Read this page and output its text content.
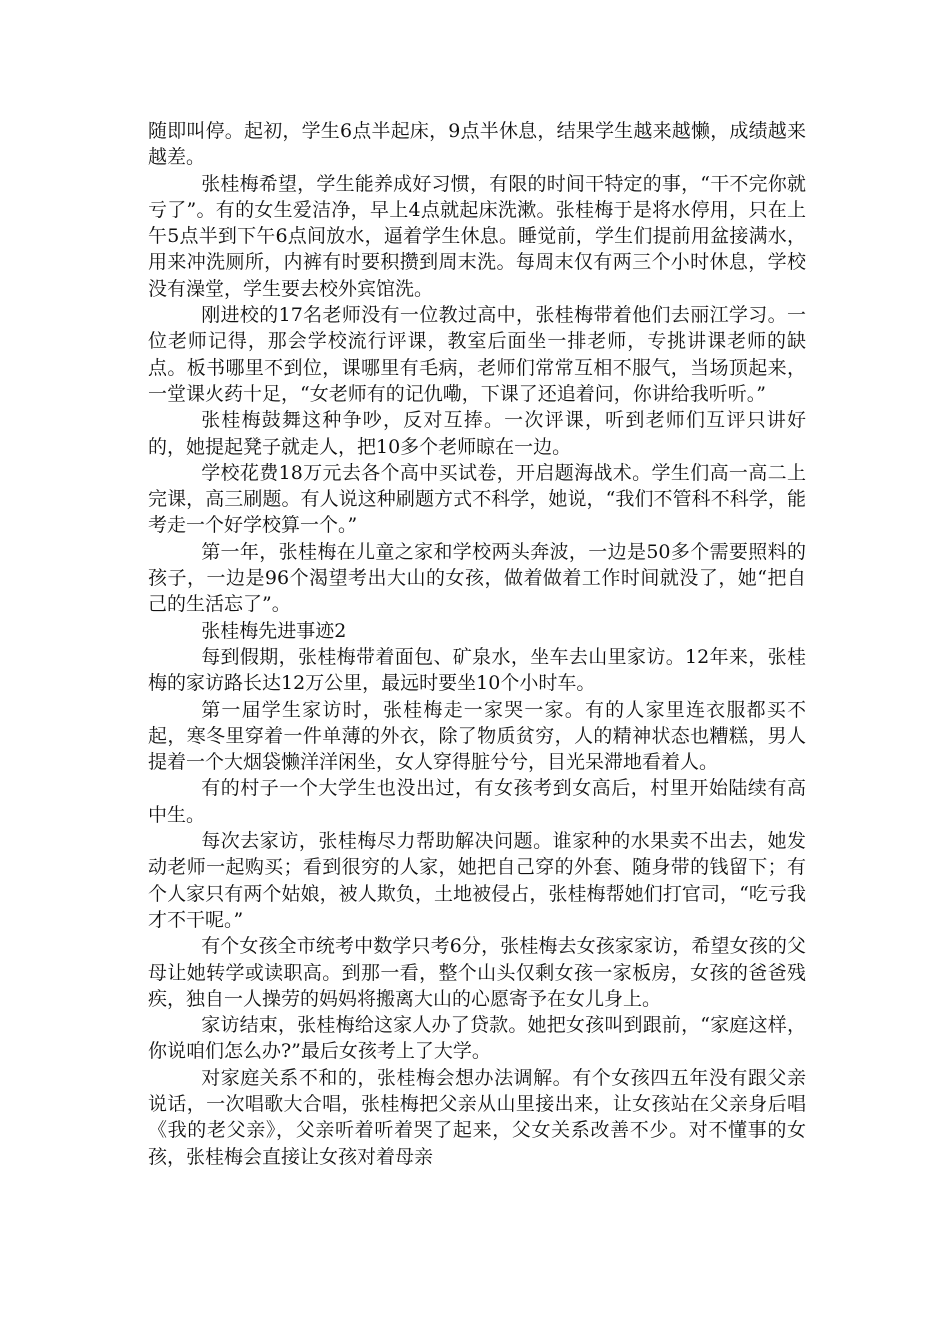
随即叫停。起初，学生6点半起床，9点半休息，结果学生越来越懒，成绩越来越差。

张桂梅希望，学生能养成好习惯，有限的时间干特定的事，“干不完你就亏了”。有的女生爱洁净，早上4点就起床洗漱。张桂梅于是将水停用，只在上午5点半到下午6点间放水，逼着学生休息。睡觉前，学生们提前用盆接满水，用来冲洗厕所，内裤有时要积攒到周末洗。每周末仅有两三个小时休息，学校没有澡堂，学生要去校外宾馆洗。

刚进校的17名老师没有一位教过高中，张桂梅带着他们去丽江学习。一位老师记得，那会学校流行评课，教室后面坐一排老师，专挑讲课老师的缺点。板书哪里不到位，课哪里有毛病，老师们常常互相不服气，当场顶起来，一堂课火药十足，“女老师有的记仇嘞，下课了还追着问，你讲给我听听。”

张桂梅鼓舞这种争吵，反对互捧。一次评课，听到老师们互评只讲好的，她提起凳子就走人，把10多个老师晾在一边。

学校花费18万元去各个高中买试卷，开启题海战术。学生们高一高二上完课，高三刷题。有人说这种刷题方式不科学，她说，“我们不管科不科学，能考走一个好学校算一个。”

第一年，张桂梅在儿童之家和学校两头奔波，一边是50多个需要照料的孩子，一边是96个渴望考出大山的女孩，做着做着工作时间就没了，她“把自己的生活忘了”。

张桂梅先进事迹2

每到假期，张桂梅带着面包、矿泉水，坐车去山里家访。12年来，张桂梅的家访路长达12万公里，最远时要坐10个小时车。

第一届学生家访时，张桂梅走一家哭一家。有的人家里连衣服都买不起，寒冬里穿着一件单薄的外衣，除了物质贫穷，人的精神状态也糟糕，男人提着一个大烟袋懒洋洋闲坐，女人穿得脏兮兮，目光呆滞地看着人。

有的村子一个大学生也没出过，有女孩考到女高后，村里开始陆续有高中生。

每次去家访，张桂梅尽力帮助解决问题。谁家种的水果卖不出去，她发动老师一起购买；看到很穷的人家，她把自己穿的外套、随身带的钱留下；有个人家只有两个姑娘，被人欺负，土地被侵占，张桂梅帮她们打官司，“吃亏我才不干呢。”

有个女孩全市统考中数学只考6分，张桂梅去女孩家家访，希望女孩的父母让她转学或读职高。到那一看，整个山头仅剩女孩一家板房，女孩的爸爸残疾，独自一人操劳的妈妈将搬离大山的心愿寄予在女儿身上。

家访结束，张桂梅给这家人办了贷款。她把女孩叫到跟前，“家庭这样，你说咱们怎么办?”最后女孩考上了大学。

对家庭关系不和的，张桂梅会想办法调解。有个女孩四五年没有跟父亲说话，一次唱歌大合唱，张桂梅把父亲从山里接出来，让女孩站在父亲身后唱《我的老父亲》，父亲听着听着哭了起来，父女关系改善不少。对不懂事的女孩，张桂梅会直接让女孩对着母亲
